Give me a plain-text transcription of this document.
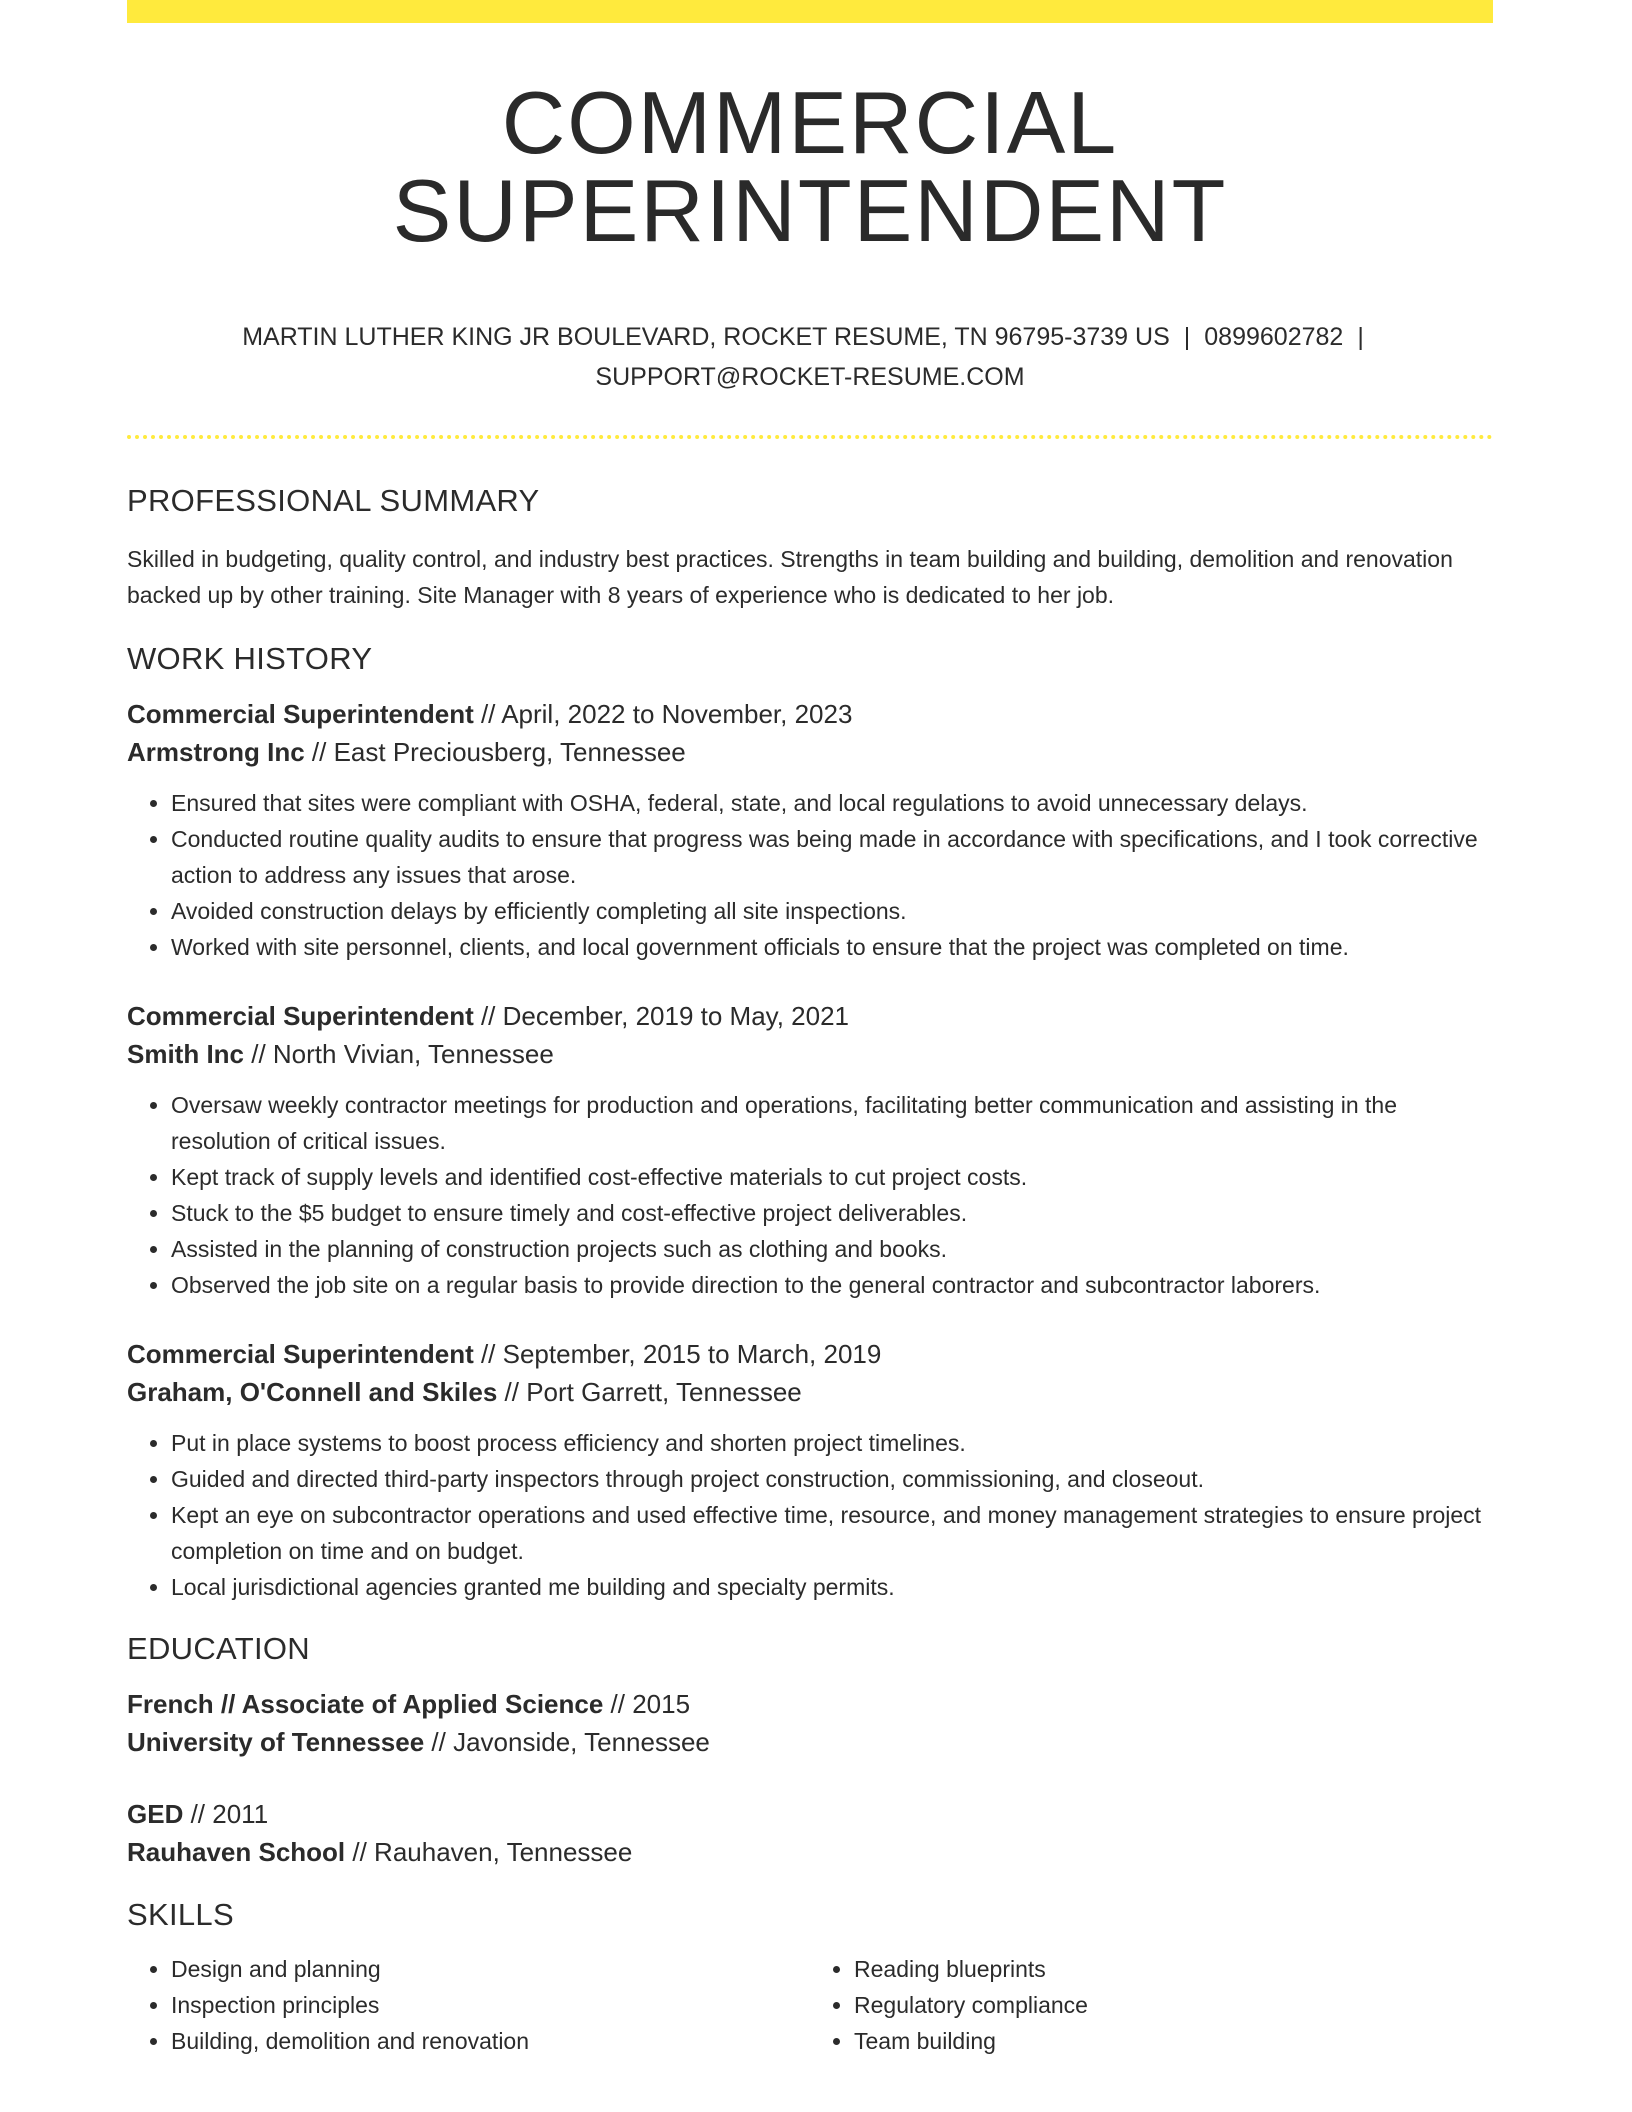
COMMERCIAL SUPERINTENDENT
MARTIN LUTHER KING JR BOULEVARD, ROCKET RESUME, TN 96795-3739 US | 0899602782 |
SUPPORT@ROCKET-RESUME.COM
PROFESSIONAL SUMMARY

Skilled in budgeting, quality control, and industry best practices. Strengths in team building and building, demolition and renovation backed up by other training. Site Manager with 8 years of experience who is dedicated to her job.

WORK HISTORY

Commercial Superintendent // April, 2022 to November, 2023

Armstrong Inc // East Preciousberg, Tennessee

• Ensured that sites were compliant with OSHA, federal, state, and local regulations to avoid unnecessary delays.
• Conducted routine quality audits to ensure that progress was being made in accordance with specifications, and I took corrective action to address any issues that arose.
• Avoided construction delays by efficiently completing all site inspections.
• Worked with site personnel, clients, and local government officials to ensure that the project was completed on time.

Commercial Superintendent // December, 2019 to May, 2021

Smith Inc // North Vivian, Tennessee

• Oversaw weekly contractor meetings for production and operations, facilitating better communication and assisting in the resolution of critical issues.
• Kept track of supply levels and identified cost-effective materials to cut project costs.
• Stuck to the $5 budget to ensure timely and cost-effective project deliverables.
• Assisted in the planning of construction projects such as clothing and books.
• Observed the job site on a regular basis to provide direction to the general contractor and subcontractor laborers.

Commercial Superintendent // September, 2015 to March, 2019

Graham, O'Connell and Skiles // Port Garrett, Tennessee

• Put in place systems to boost process efficiency and shorten project timelines.
• Guided and directed third-party inspectors through project construction, commissioning, and closeout.
• Kept an eye on subcontractor operations and used effective time, resource, and money management strategies to ensure project completion on time and on budget.
• Local jurisdictional agencies granted me building and specialty permits.
EDUCATION

French // Associate of Applied Science // 2015

University of Tennessee // Javonside, Tennessee

GED // 2011

Rauhaven School // Rauhaven, Tennessee

SKILLS
• Design and planning
• Inspection principles
• Building, demolition and renovation
• Reading blueprints
• Regulatory compliance
• Team building
